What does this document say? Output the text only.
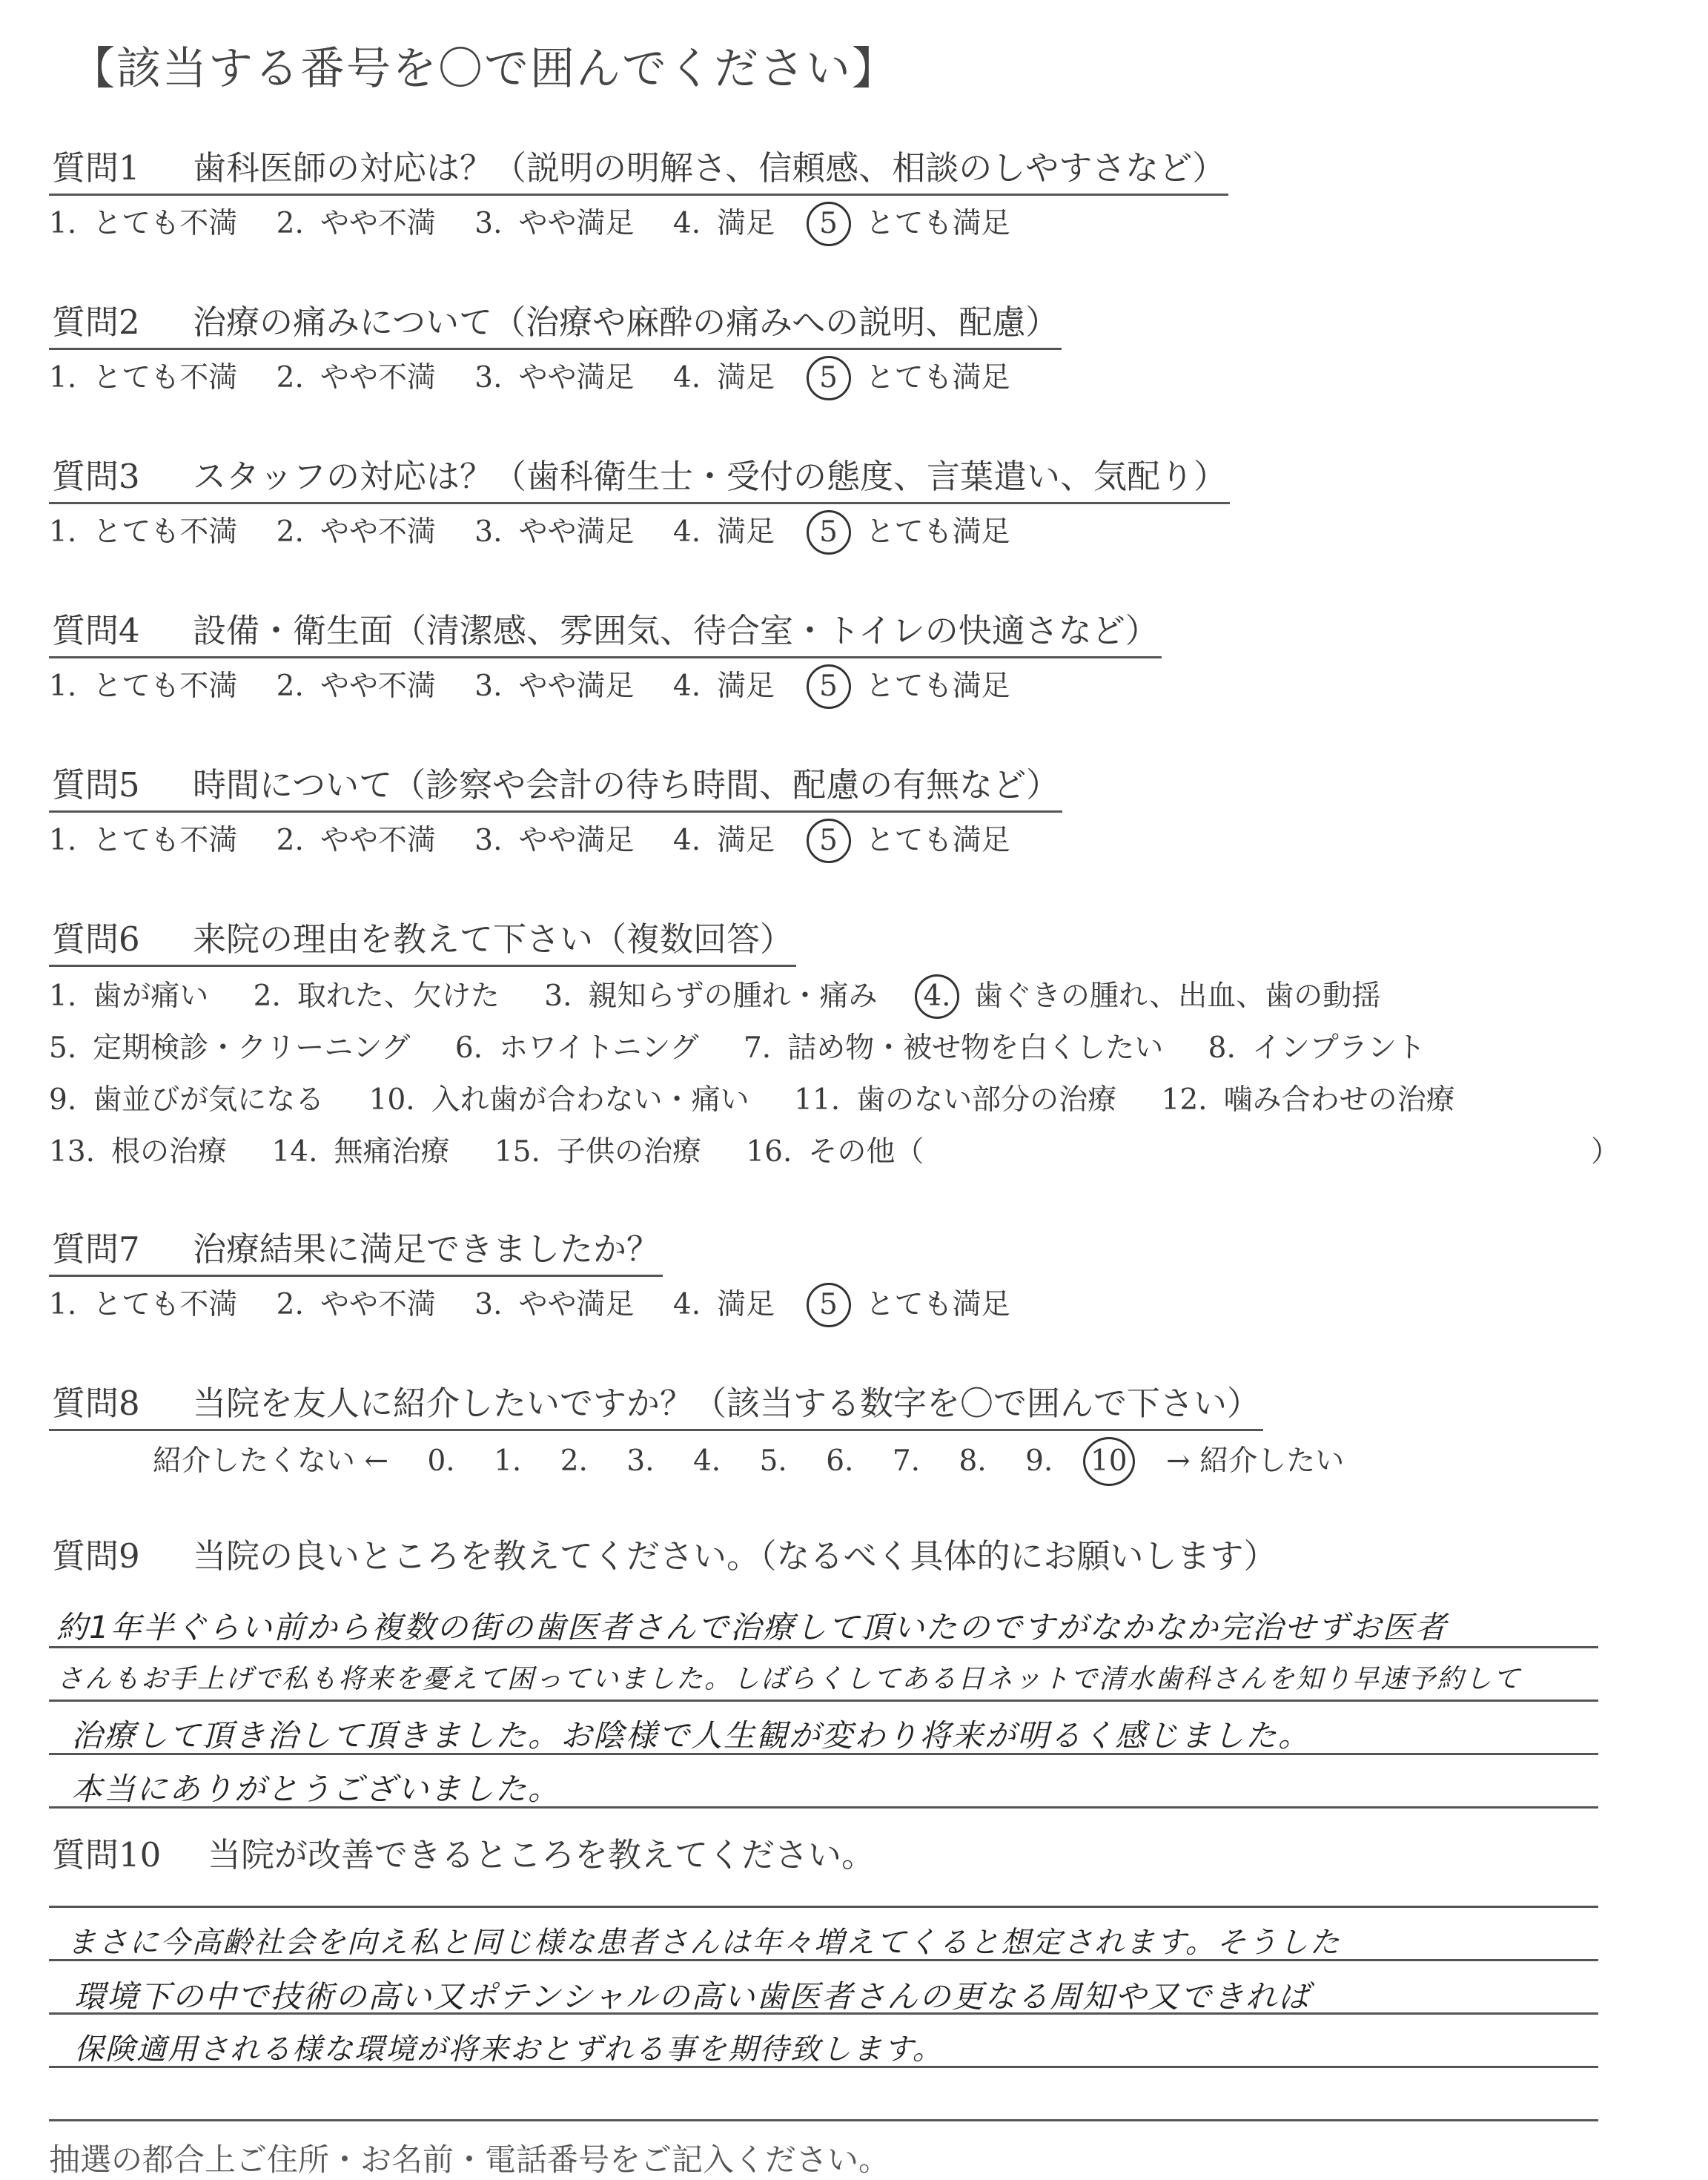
【該当する番号を〇で囲んでください】
質問1 歯科医師の対応は？（説明の明解さ、信頼感、相談のしやすさなど）
1. とても不満 2. やや不満 3. やや満足 4. 満足 5 とても満足
質問2 治療の痛みについて（治療や麻酔の痛みへの説明、配慮）
1. とても不満 2. やや不満 3. やや満足 4. 満足 5 とても満足
質問3 スタッフの対応は？（歯科衛生士・受付の態度、言葉遣い、気配り）
1. とても不満 2. やや不満 3. やや満足 4. 満足 5 とても満足
質問4 設備・衛生面（清潔感、雰囲気、待合室・トイレの快適さなど）
1. とても不満 2. やや不満 3. やや満足 4. 満足 5 とても満足
質問5 時間について（診察や会計の待ち時間、配慮の有無など）
1. とても不満 2. やや不満 3. やや満足 4. 満足 5 とても満足
質問6 来院の理由を教えて下さい（複数回答）
1. 歯が痛い 2. 取れた、欠けた 3. 親知らずの腫れ・痛み 4. 歯ぐきの腫れ、出血、歯の動揺
5. 定期検診・クリーニング 6. ホワイトニング 7. 詰め物・被せ物を白くしたい 8. インプラント
9. 歯並びが気になる 10. 入れ歯が合わない・痛い 11. 歯のない部分の治療 12. 噛み合わせの治療
13. 根の治療 14. 無痛治療 15. 子供の治療 16. その他（	）
質問7 治療結果に満足できましたか？
1. とても不満 2. やや不満 3. やや満足 4. 満足 5 とても満足
質問8 当院を友人に紹介したいですか？（該当する数字を〇で囲んで下さい）
紹介したくない ← 0. 1. 2. 3. 4. 5. 6. 7. 8. 9. 10 → 紹介したい
質問9 当院の良いところを教えてください。（なるべく具体的にお願いします）
約1年半ぐらい前から複数の街の歯医者さんで治療して頂いたのですがなかなか完治せずお医者
さんもお手上げで私も将来を憂えて困っていました。しばらくしてある日ネットで清水歯科さんを知り早速予約して
治療して頂き治して頂きました。お陰様で人生観が変わり将来が明るく感じました。
本当にありがとうございました。
質問10 当院が改善できるところを教えてください。
まさに今高齢社会を向え私と同じ様な患者さんは年々増えてくると想定されます。そうした
環境下の中で技術の高い又ポテンシャルの高い歯医者さんの更なる周知や又できれば
保険適用される様な環境が将来おとずれる事を期待致します。
抽選の都合上ご住所・お名前・電話番号をご記入ください。
